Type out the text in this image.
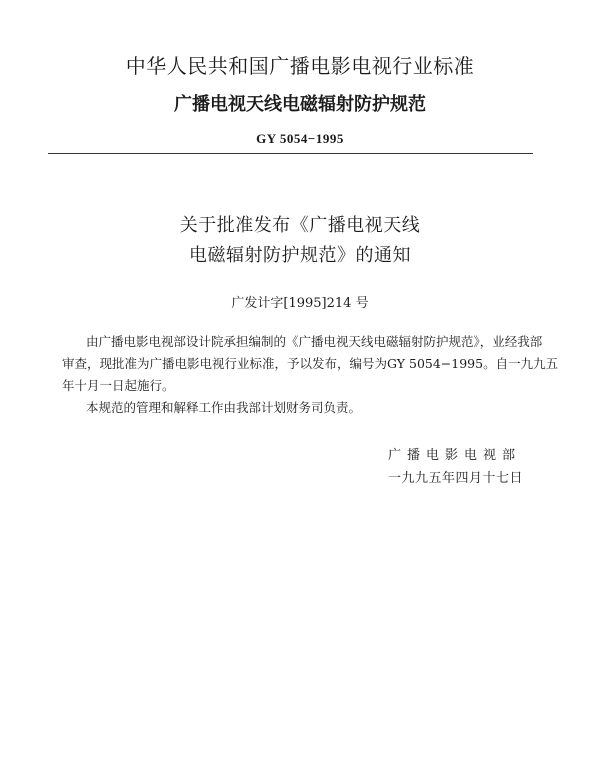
中华人民共和国广播电影电视行业标准
广播电视天线电磁辐射防护规范
GY 5054−1995
关于批准发布《广播电视天线
电磁辐射防护规范》的通知
广发计字[1995]214 号
由广播电影电视部设计院承担编制的《广播电视天线电磁辐射防护规范》，业经我部
审查，现批准为广播电影电视行业标准，予以发布，编号为GY 5054−1995。自一九九五
年十月一日起施行。
本规范的管理和解释工作由我部计划财务司负责。
广播电影电视部
一九九五年四月十七日
